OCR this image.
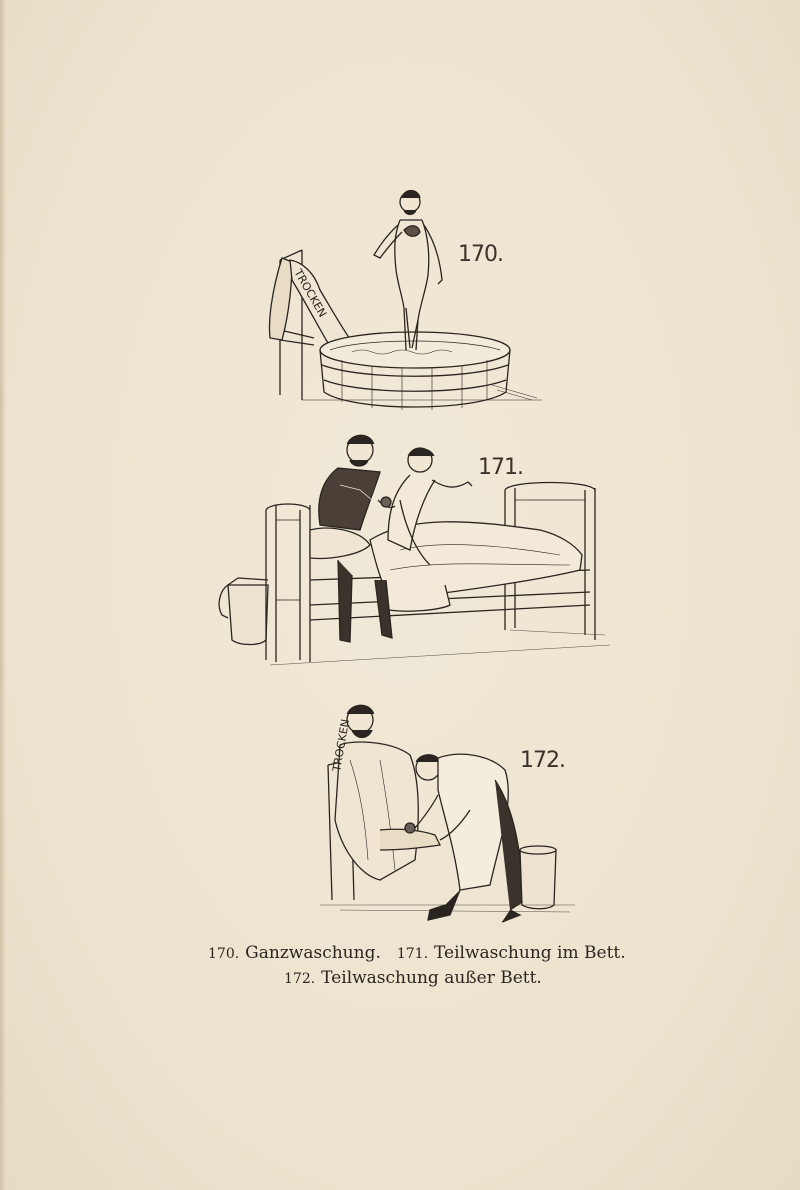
TROCKEN
170.
171.
TROCKEN	172.
170. Ganzwaschung. 171. Teilwaschung im Bett.
172. Teilwaschung außer Bett.
